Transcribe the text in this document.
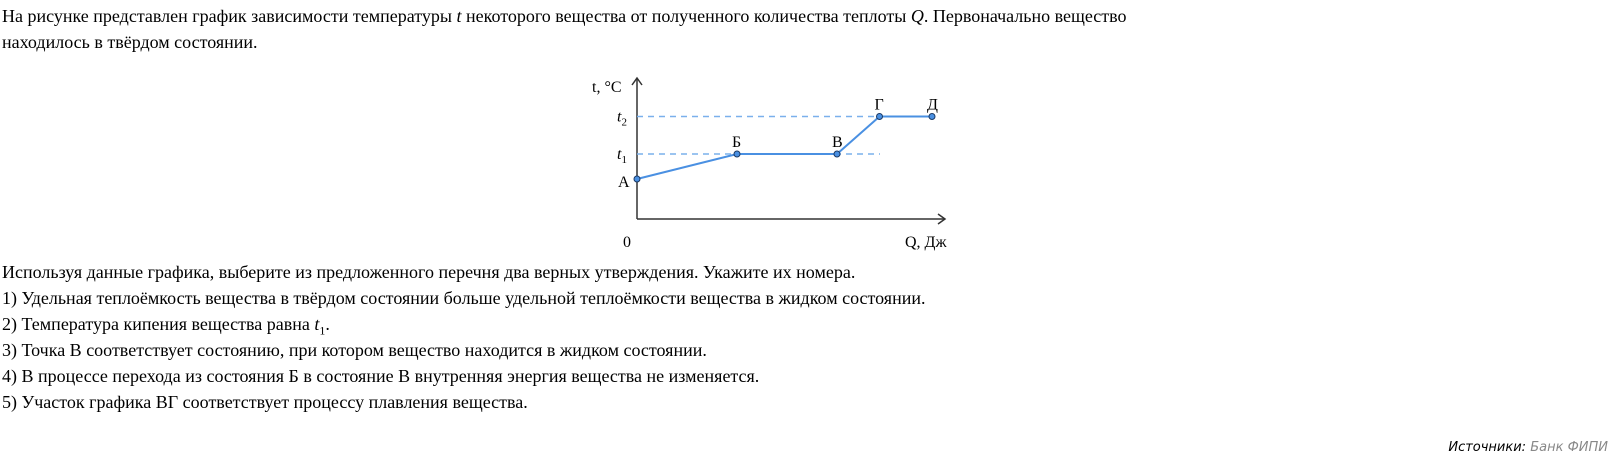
На рисунке представлен график зависимости температуры t некоторого вещества от полученного количества теплоты Q. Первоначально вещество
находилось в твёрдом состоянии.
t, °C
Q, Дж
0
$t_1$
$t_2$
А
Б	В
Г	Д
Используя данные графика, выберите из предложенного перечня два верных утверждения. Укажите их номера.
1) Удельная теплоёмкость вещества в твёрдом состоянии больше удельной теплоёмкости вещества в жидком состоянии.
2) Температура кипения вещества равна $t_1$.
3) Точка В соответствует состоянию, при котором вещество находится в жидком состоянии.
4) В процессе перехода из состояния Б в состояние В внутренняя энергия вещества не изменяется.
5) Участок графика ВГ соответствует процессу плавления вещества.
Источники: Банк ФИПИ
